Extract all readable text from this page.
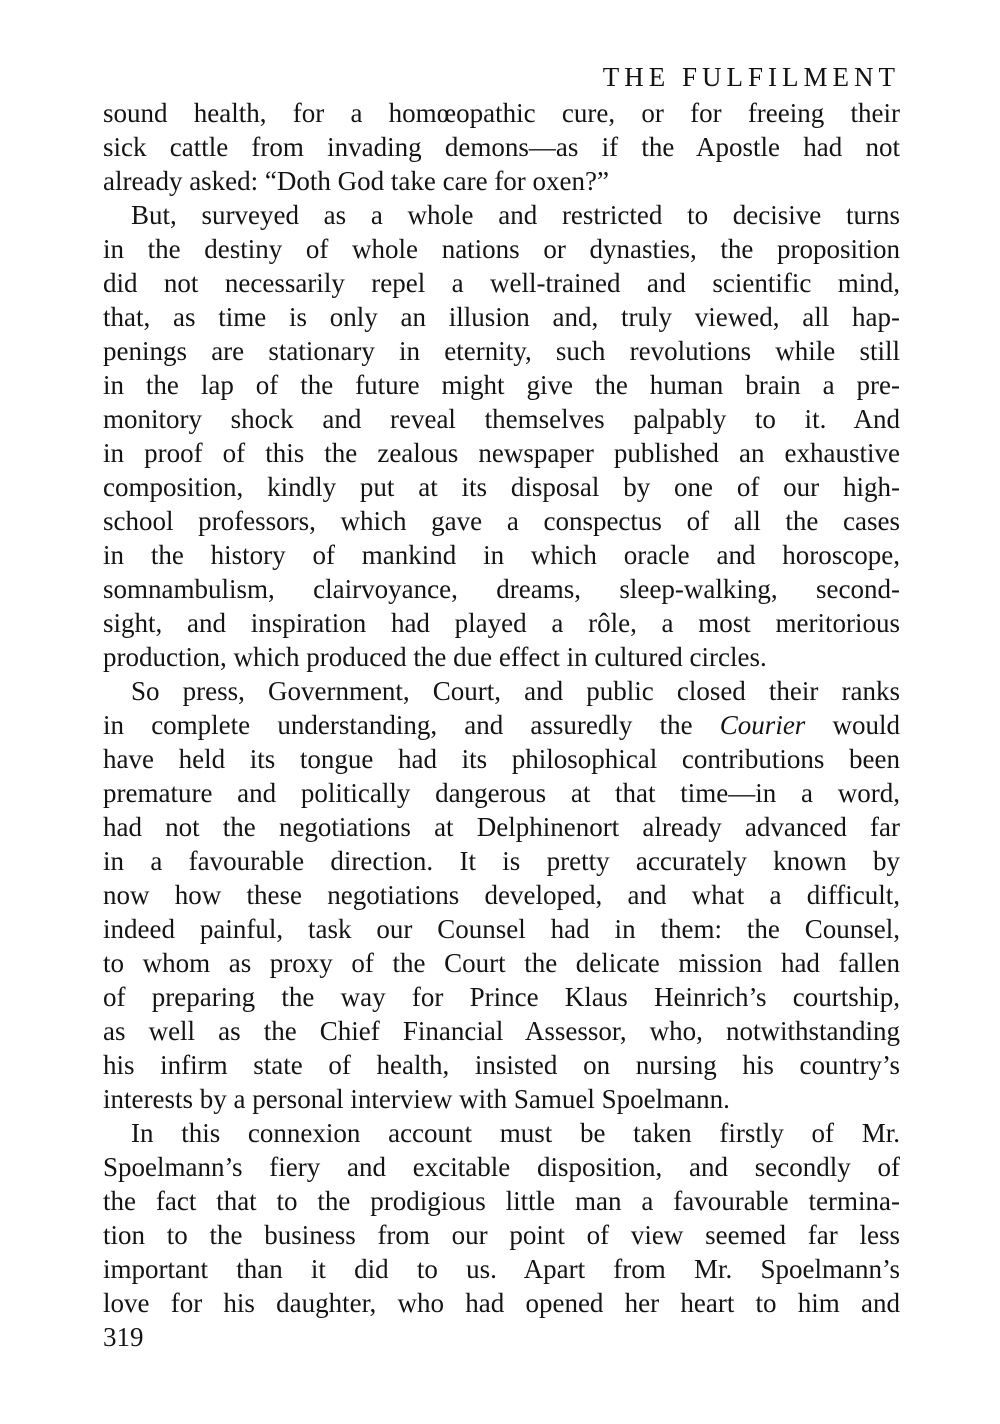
THE FULFILMENT
sound health, for a homœopathic cure, or for freeing their
sick cattle from invading demons—as if the Apostle had not
already asked: “Doth God take care for oxen?”
But, surveyed as a whole and restricted to decisive turns
in the destiny of whole nations or dynasties, the proposition
did not necessarily repel a well-trained and scientific mind,
that, as time is only an illusion and, truly viewed, all hap-
penings are stationary in eternity, such revolutions while still
in the lap of the future might give the human brain a pre-
monitory shock and reveal themselves palpably to it. And
in proof of this the zealous newspaper published an exhaustive
composition, kindly put at its disposal by one of our high-
school professors, which gave a conspectus of all the cases
in the history of mankind in which oracle and horoscope,
somnambulism, clairvoyance, dreams, sleep-walking, second-
sight, and inspiration had played a rôle, a most meritorious
production, which produced the due effect in cultured circles.
So press, Government, Court, and public closed their ranks
in complete understanding, and assuredly the Courier would
have held its tongue had its philosophical contributions been
premature and politically dangerous at that time—in a word,
had not the negotiations at Delphinenort already advanced far
in a favourable direction. It is pretty accurately known by
now how these negotiations developed, and what a difficult,
indeed painful, task our Counsel had in them: the Counsel,
to whom as proxy of the Court the delicate mission had fallen
of preparing the way for Prince Klaus Heinrich’s courtship,
as well as the Chief Financial Assessor, who, notwithstanding
his infirm state of health, insisted on nursing his country’s
interests by a personal interview with Samuel Spoelmann.
In this connexion account must be taken firstly of Mr.
Spoelmann’s fiery and excitable disposition, and secondly of
the fact that to the prodigious little man a favourable termina-
tion to the business from our point of view seemed far less
important than it did to us. Apart from Mr. Spoelmann’s
love for his daughter, who had opened her heart to him and
319
